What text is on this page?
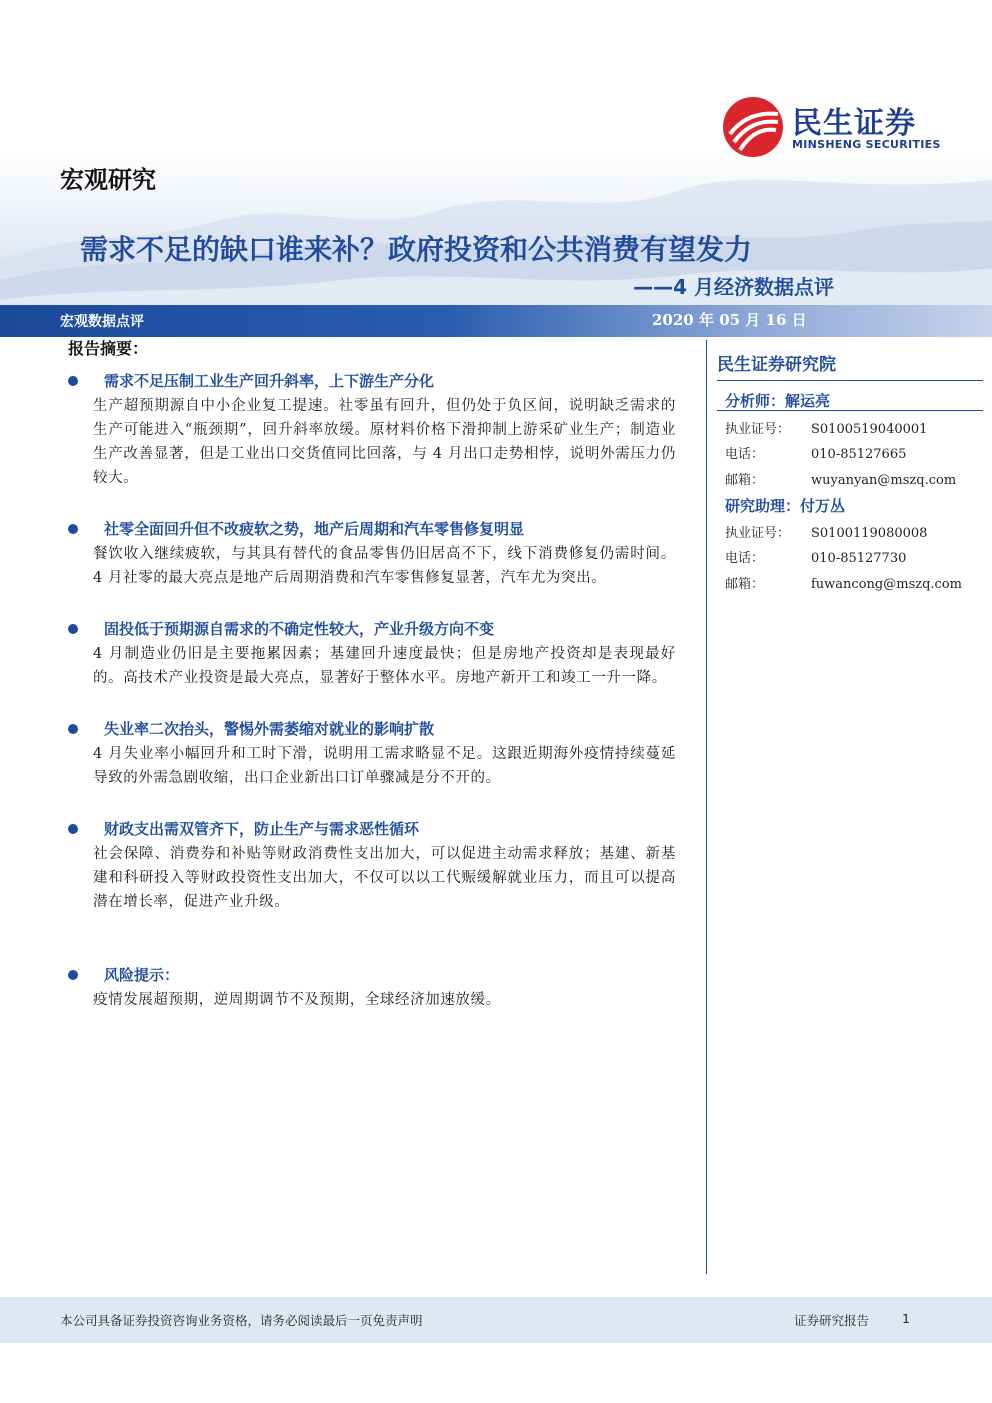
民生证券
MINSHENG SECURITIES
宏观研究
需求不足的缺口谁来补？政府投资和公共消费有望发力
——4 月经济数据点评
宏观数据点评	2020 年 05 月 16 日
报告摘要：
需求不足压制工业生产回升斜率，上下游生产分化
生产超预期源自中小企业复工提速。社零虽有回升，但仍处于负区间，说明缺乏需求的生产可能进入“瓶颈期”，回升斜率放缓。原材料价格下滑抑制上游采矿业生产；制造业生产改善显著，但是工业出口交货值同比回落，与 4 月出口走势相悖，说明外需压力仍较大。
社零全面回升但不改疲软之势，地产后周期和汽车零售修复明显
餐饮收入继续疲软，与其具有替代的食品零售仍旧居高不下，线下消费修复仍需时间。4 月社零的最大亮点是地产后周期消费和汽车零售修复显著，汽车尤为突出。
固投低于预期源自需求的不确定性较大，产业升级方向不变
4 月制造业仍旧是主要拖累因素；基建回升速度最快；但是房地产投资却是表现最好的。高技术产业投资是最大亮点，显著好于整体水平。房地产新开工和竣工一升一降。
失业率二次抬头，警惕外需萎缩对就业的影响扩散
4 月失业率小幅回升和工时下滑，说明用工需求略显不足。这跟近期海外疫情持续蔓延导致的外需急剧收缩，出口企业新出口订单骤减是分不开的。
财政支出需双管齐下，防止生产与需求恶性循环
社会保障、消费券和补贴等财政消费性支出加大，可以促进主动需求释放；基建、新基建和科研投入等财政投资性支出加大，不仅可以以工代赈缓解就业压力，而且可以提高潜在增长率，促进产业升级。
风险提示：
疫情发展超预期，逆周期调节不及预期，全球经济加速放缓。
民生证券研究院
分析师：解运亮
执业证号： S0100519040001
电话：	010-85127665
邮箱：	wuyanyan@mszq.com
研究助理：付万丛
执业证号： S0100119080008
电话：	010-85127730
邮箱：	fuwancong@mszq.com
本公司具备证券投资咨询业务资格，请务必阅读最后一页免责声明	证券研究报告	1
